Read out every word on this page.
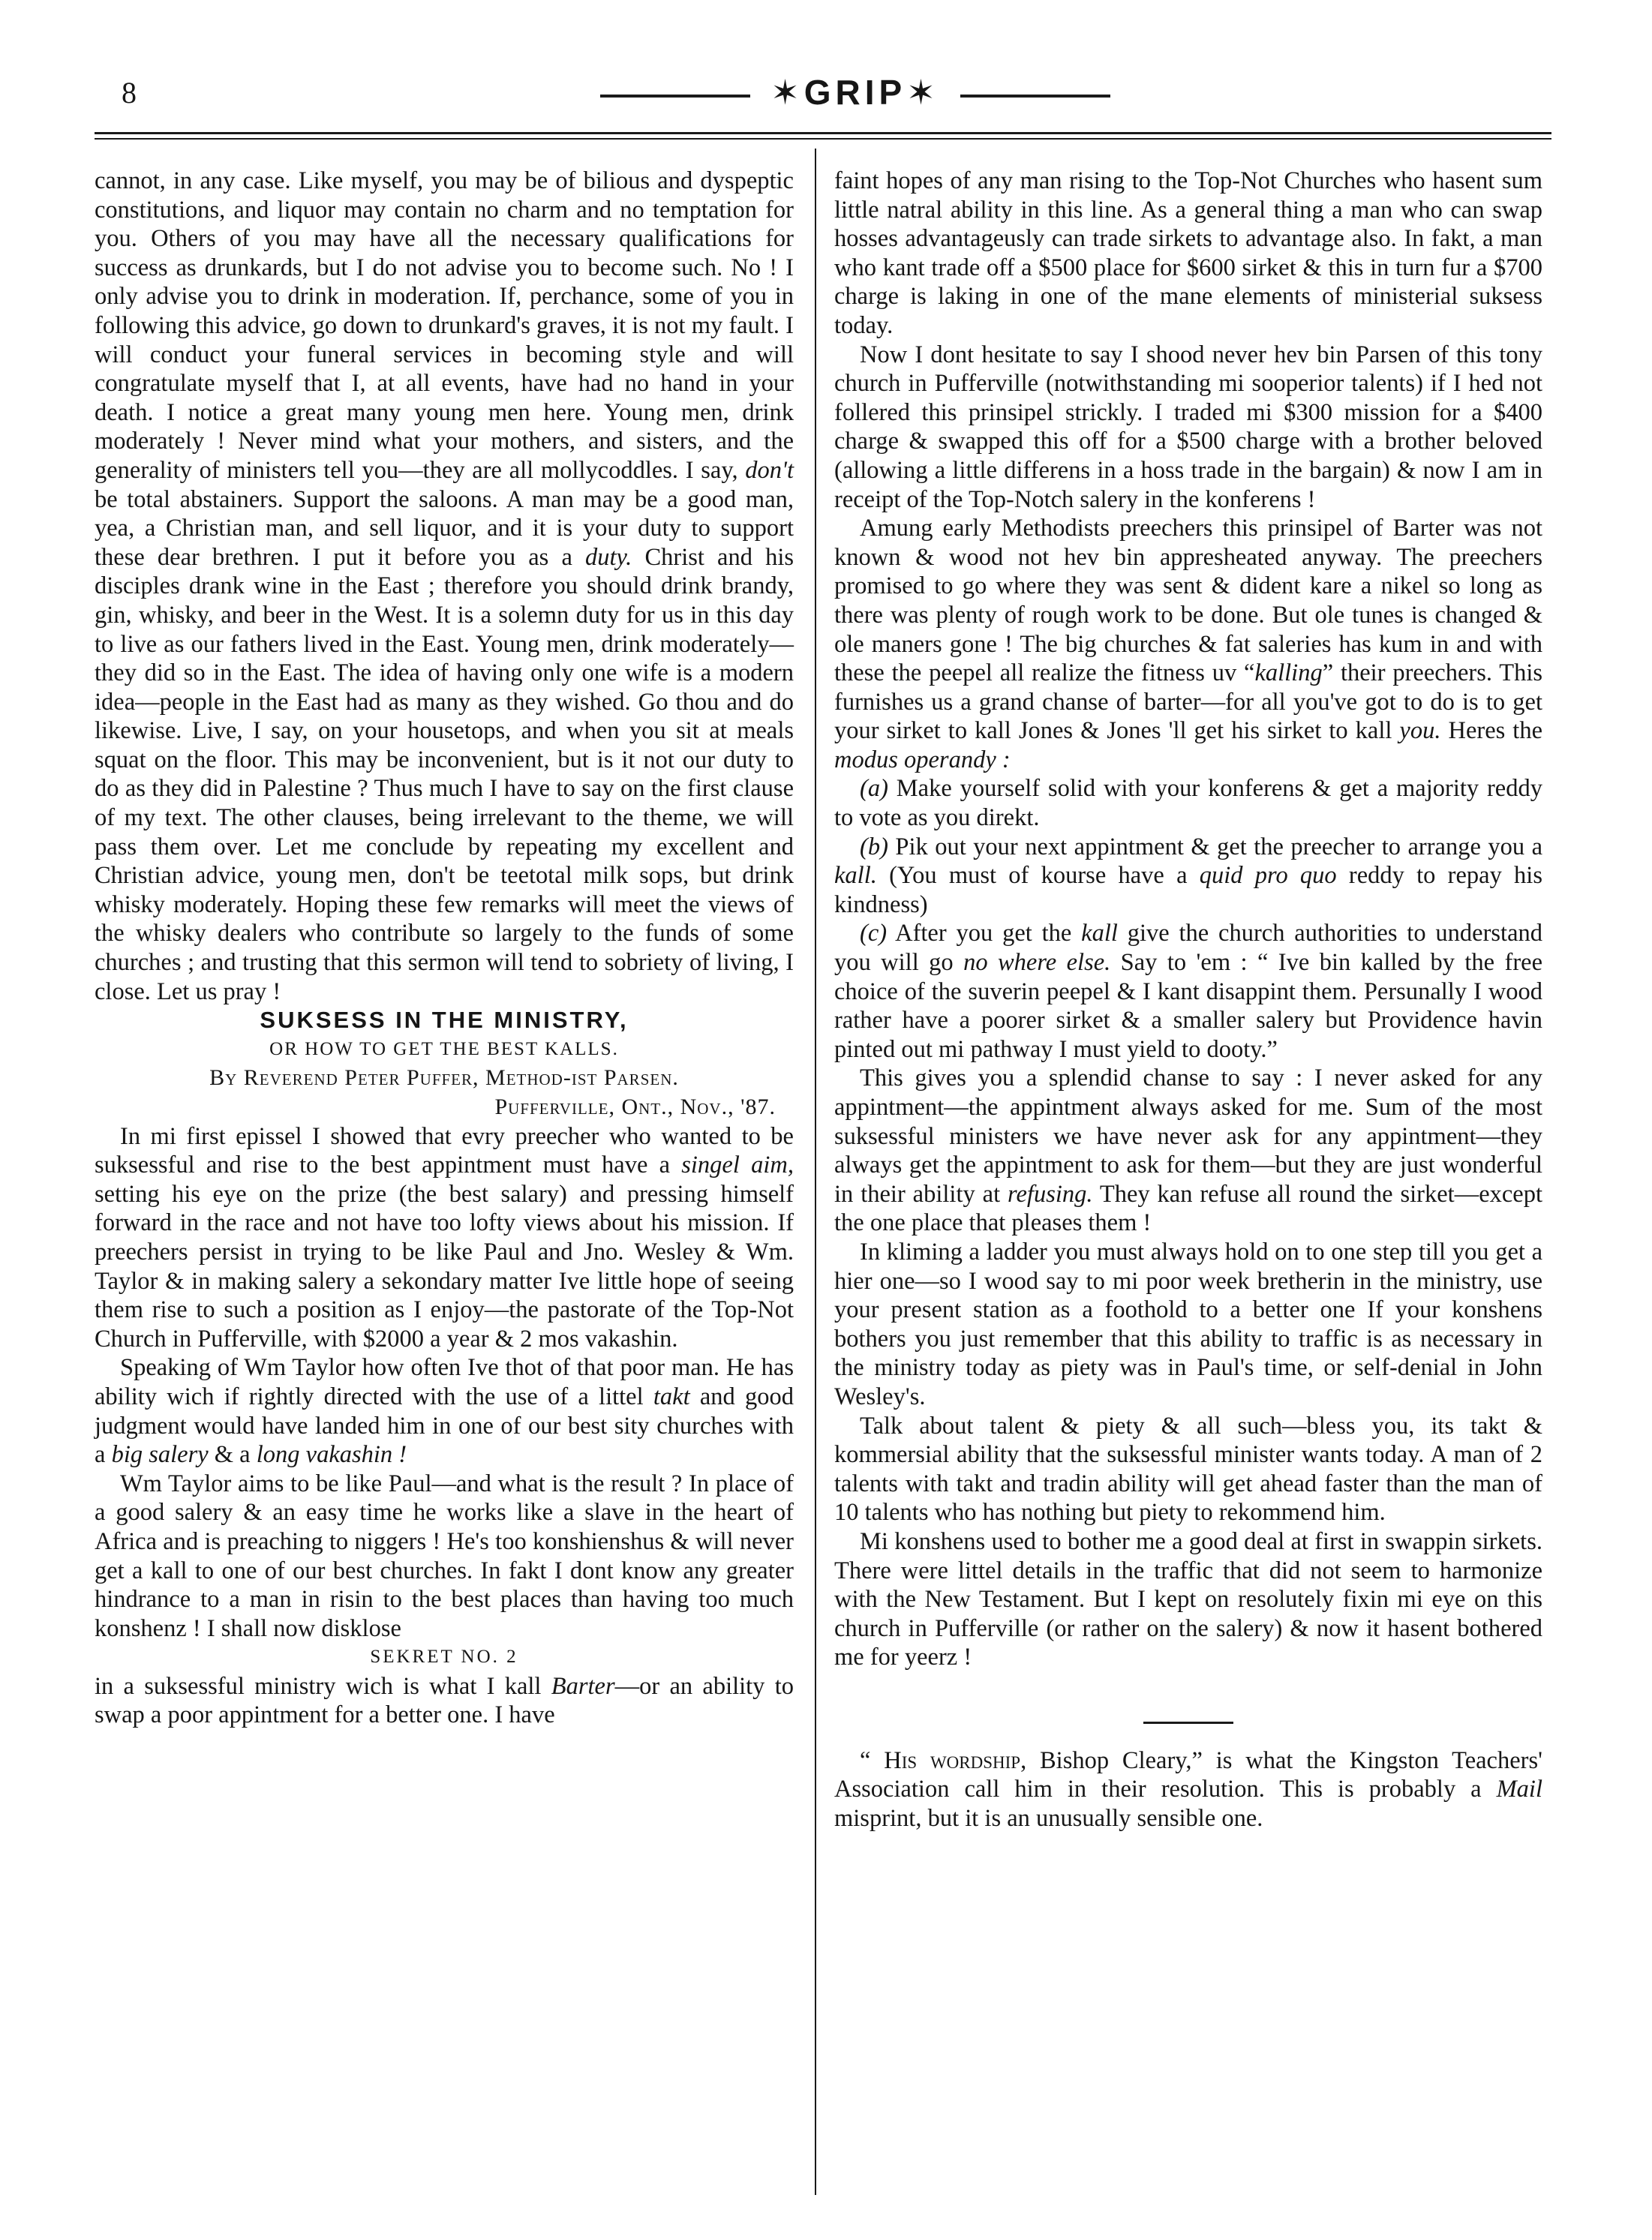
8	✶GRIP✶

cannot, in any case. Like myself, you may be of bilious and dyspeptic constitutions, and liquor may contain no charm and no temptation for you. Others of you may have all the necessary qualifications for success as drunkards, but I do not advise you to become such. No ! I only advise you to drink in moderation. If, perchance, some of you in following this advice, go down to drunkard's graves, it is not my fault. I will conduct your funeral services in becoming style and will congratulate myself that I, at all events, have had no hand in your death. I notice a great many young men here. Young men, drink moderately ! Never mind what your mothers, and sisters, and the generality of ministers tell you—they are all mollycoddles. I say, don't be total abstainers. Support the saloons. A man may be a good man, yea, a Christian man, and sell liquor, and it is your duty to support these dear brethren. I put it before you as a duty. Christ and his disciples drank wine in the East ; therefore you should drink brandy, gin, whisky, and beer in the West. It is a solemn duty for us in this day to live as our fathers lived in the East. Young men, drink moderately—they did so in the East. The idea of having only one wife is a modern idea—people in the East had as many as they wished. Go thou and do likewise. Live, I say, on your housetops, and when you sit at meals squat on the floor. This may be inconvenient, but is it not our duty to do as they did in Palestine ? Thus much I have to say on the first clause of my text. The other clauses, being irrelevant to the theme, we will pass them over. Let me conclude by repeating my excellent and Christian advice, young men, don't be teetotal milk sops, but drink whisky moderately. Hoping these few remarks will meet the views of the whisky dealers who contribute so largely to the funds of some churches ; and trusting that this sermon will tend to sobriety of living, I close. Let us pray !

SUKSESS IN THE MINISTRY,

OR HOW TO GET THE BEST KALLS.

By Reverend Peter Puffer, Method-ist Parsen.

Pufferville, Ont., Nov., '87.

In mi first epissel I showed that evry preecher who wanted to be suksessful and rise to the best appintment must have a singel aim, setting his eye on the prize (the best salary) and pressing himself forward in the race and not have too lofty views about his mission. If preechers persist in trying to be like Paul and Jno. Wesley & Wm. Taylor & in making salery a sekondary matter Ive little hope of seeing them rise to such a position as I enjoy—the pastorate of the Top-Not Church in Pufferville, with $2000 a year & 2 mos vakashin.

Speaking of Wm Taylor how often Ive thot of that poor man. He has ability wich if rightly directed with the use of a littel takt and good judgment would have landed him in one of our best sity churches with a big salery & a long vakashin !

Wm Taylor aims to be like Paul—and what is the result ? In place of a good salery & an easy time he works like a slave in the heart of Africa and is preaching to niggers ! He's too konshienshus & will never get a kall to one of our best churches. In fakt I dont know any greater hindrance to a man in risin to the best places than having too much konshenz ! I shall now disklose

SEKRET NO. 2

in a suksessful ministry wich is what I kall Barter—or an ability to swap a poor appintment for a better one. I have

faint hopes of any man rising to the Top-Not Churches who hasent sum little natral ability in this line. As a general thing a man who can swap hosses advantageusly can trade sirkets to advantage also. In fakt, a man who kant trade off a $500 place for $600 sirket & this in turn fur a $700 charge is laking in one of the mane elements of ministerial suksess today.

Now I dont hesitate to say I shood never hev bin Parsen of this tony church in Pufferville (notwithstanding mi sooperior talents) if I hed not follered this prinsipel strickly. I traded mi $300 mission for a $400 charge & swapped this off for a $500 charge with a brother beloved (allowing a little differens in a hoss trade in the bargain) & now I am in receipt of the Top-Notch salery in the konferens !

Amung early Methodists preechers this prinsipel of Barter was not known & wood not hev bin appresheated anyway. The preechers promised to go where they was sent & dident kare a nikel so long as there was plenty of rough work to be done. But ole tunes is changed & ole maners gone ! The big churches & fat saleries has kum in and with these the peepel all realize the fitness uv “kalling” their preechers. This furnishes us a grand chanse of barter—for all you've got to do is to get your sirket to kall Jones & Jones 'll get his sirket to kall you. Heres the modus operandy :

(a) Make yourself solid with your konferens & get a majority reddy to vote as you direkt.

(b) Pik out your next appintment & get the preecher to arrange you a kall. (You must of kourse have a quid pro quo reddy to repay his kindness)

(c) After you get the kall give the church authorities to understand you will go no where else. Say to 'em : “ Ive bin kalled by the free choice of the suverin peepel & I kant disappint them. Persunally I wood rather have a poorer sirket & a smaller salery but Providence havin pinted out mi pathway I must yield to dooty.”

This gives you a splendid chanse to say : I never asked for any appintment—the appintment always asked for me. Sum of the most suksessful ministers we have never ask for any appintment—they always get the appintment to ask for them—but they are just wonderful in their ability at refusing. They kan refuse all round the sirket—except the one place that pleases them !

In kliming a ladder you must always hold on to one step till you get a hier one—so I wood say to mi poor week bretherin in the ministry, use your present station as a foothold to a better one If your konshens bothers you just remember that this ability to traffic is as necessary in the ministry today as piety was in Paul's time, or self-denial in John Wesley's.

Talk about talent & piety & all such—bless you, its takt & kommersial ability that the suksessful minister wants today. A man of 2 talents with takt and tradin ability will get ahead faster than the man of 10 talents who has nothing but piety to rekommend him.

Mi konshens used to bother me a good deal at first in swappin sirkets. There were littel details in the traffic that did not seem to harmonize with the New Testament. But I kept on resolutely fixin mi eye on this church in Pufferville (or rather on the salery) & now it hasent bothered me for yeerz !

“ His wordship, Bishop Cleary,” is what the Kingston Teachers' Association call him in their resolution. This is probably a Mail misprint, but it is an unusually sensible one.
